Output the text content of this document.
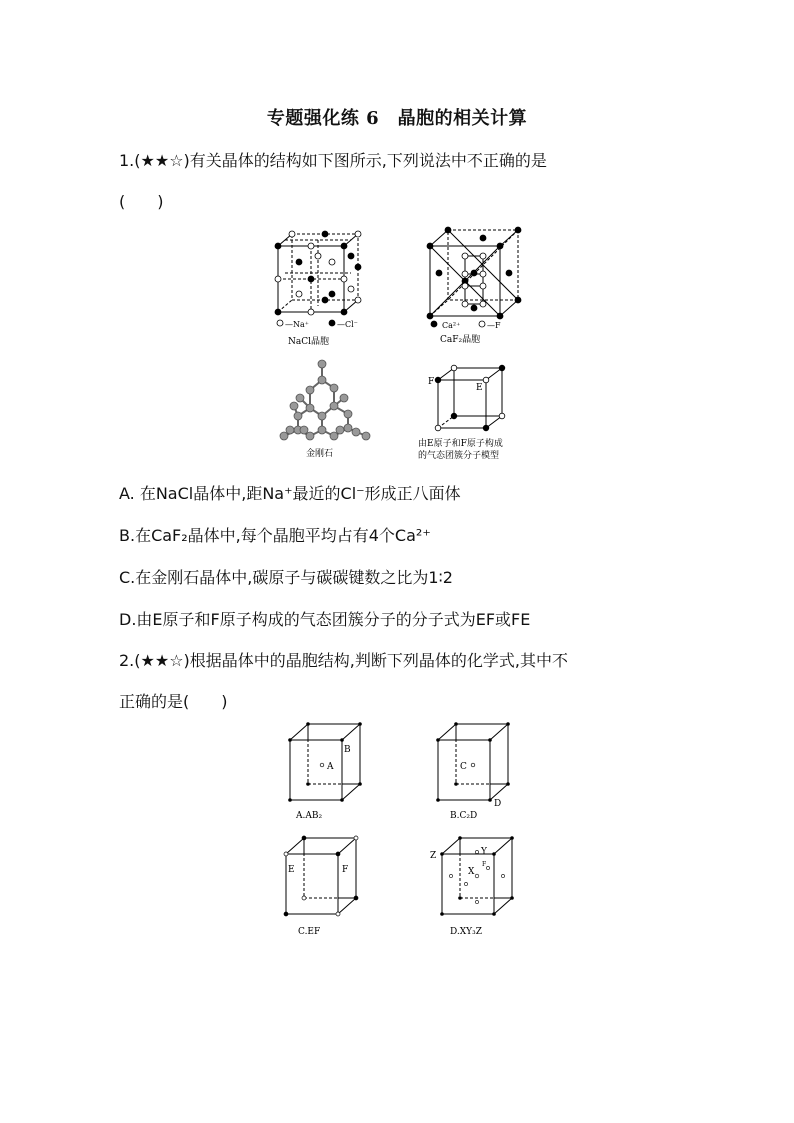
专题强化练 6　晶胞的相关计算
1.(★★☆)有关晶体的结构如下图所示,下列说法中不正确的是
(　　)
—Na⁺	—Cl⁻
NaCl晶胞
Ca²⁺	—F
CaF₂晶胞
金刚石
F
E
由E原子和F原子构成
的气态团簇分子模型
A. 在NaCl晶体中,距Na⁺最近的Cl⁻形成正八面体
B.在CaF₂晶体中,每个晶胞平均占有4个Ca²⁺
C.在金刚石晶体中,碳原子与碳碳键数之比为1∶2
D.由E原子和F原子构成的气态团簇分子的分子式为EF或FE
2.(★★☆)根据晶体中的晶胞结构,判断下列晶体的化学式,其中不
正确的是(　　)
B
A
A.AB₂
C
D
B.C₂D
E	F
C.EF
Z	Y
X
F
D.XY₃Z
